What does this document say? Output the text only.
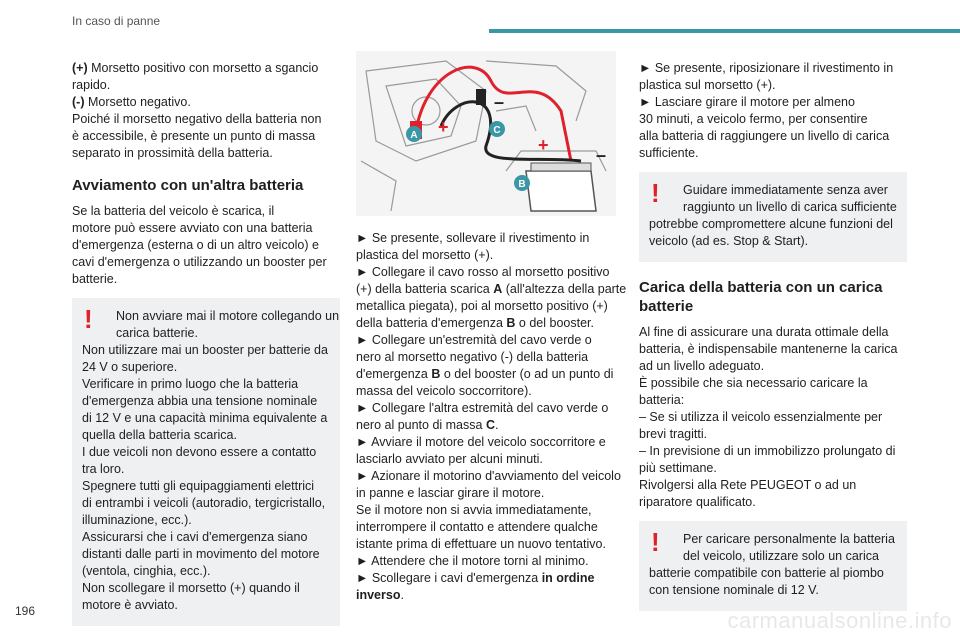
In caso di panne
(+) Morsetto positivo con morsetto a sgancio
rapido.
(-) Morsetto negativo.
Poiché il morsetto negativo della batteria non
è accessibile, è presente un punto di massa
separato in prossimità della batteria.
Avviamento con un'altra batteria
Se la batteria del veicolo è scarica, il
motore può essere avviato con una batteria
d'emergenza (esterna o di un altro veicolo) e
cavi d'emergenza o utilizzando un booster per
batterie.
! Non avviare mai il motore collegando un
carica batterie.
Non utilizzare mai un booster per batterie da
24 V o superiore.
Verificare in primo luogo che la batteria
d'emergenza abbia una tensione nominale
di 12 V e una capacità minima equivalente a
quella della batteria scarica.
I due veicoli non devono essere a contatto
tra loro.
Spegnere tutti gli equipaggiamenti elettrici
di entrambi i veicoli (autoradio, tergicristallo,
illuminazione, ecc.).
Assicurarsi che i cavi d'emergenza siano
distanti dalle parti in movimento del motore
(ventola, cinghia, ecc.).
Non scollegare il morsetto (+) quando il
motore è avviato.
A	C
B
+
+
–
–
► Se presente, sollevare il rivestimento in
plastica del morsetto (+).
► Collegare il cavo rosso al morsetto positivo
(+) della batteria scarica A (all'altezza della parte
metallica piegata), poi al morsetto positivo (+)
della batteria d'emergenza B o del booster.
► Collegare un'estremità del cavo verde o
nero al morsetto negativo (-) della batteria
d'emergenza B o del booster (o ad un punto di
massa del veicolo soccorritore).
► Collegare l'altra estremità del cavo verde o
nero al punto di massa C.
► Avviare il motore del veicolo soccorritore e
lasciarlo avviato per alcuni minuti.
► Azionare il motorino d'avviamento del veicolo
in panne e lasciar girare il motore.
Se il motore non si avvia immediatamente,
interrompere il contatto e attendere qualche
istante prima di effettuare un nuovo tentativo.
► Attendere che il motore torni al minimo.
► Scollegare i cavi d'emergenza in ordine
inverso.
► Se presente, riposizionare il rivestimento in
plastica sul morsetto (+).
► Lasciare girare il motore per almeno
30 minuti, a veicolo fermo, per consentire
alla batteria di raggiungere un livello di carica
sufficiente.
! Guidare immediatamente senza aver
raggiunto un livello di carica sufficiente
potrebbe compromettere alcune funzioni del
veicolo (ad es. Stop & Start).
Carica della batteria con un carica
batterie
Al fine di assicurare una durata ottimale della
batteria, è indispensabile mantenerne la carica
ad un livello adeguato.
È possibile che sia necessario caricare la
batteria:
– Se si utilizza il veicolo essenzialmente per
brevi tragitti.
– In previsione di un immobilizzo prolungato di
più settimane.
Rivolgersi alla Rete PEUGEOT o ad un
riparatore qualificato.
! Per caricare personalmente la batteria
del veicolo, utilizzare solo un carica
batterie compatibile con batterie al piombo
con tensione nominale di 12 V.
196	carmanualsonline.info
